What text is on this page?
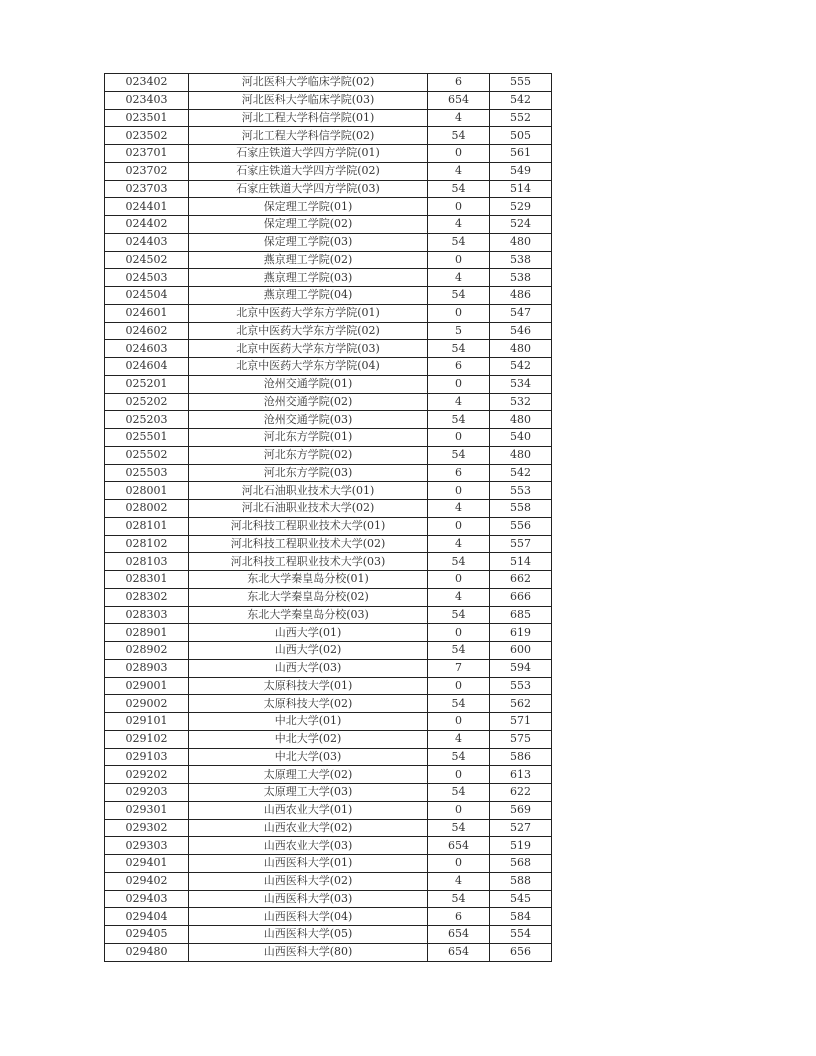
023402	河北医科大学临床学院(02)	6	555
023403	河北医科大学临床学院(03)	654	542
023501	河北工程大学科信学院(01)	4	552
023502	河北工程大学科信学院(02)	54	505
023701	石家庄铁道大学四方学院(01)	0	561
023702	石家庄铁道大学四方学院(02)	4	549
023703	石家庄铁道大学四方学院(03)	54	514
024401	保定理工学院(01)	0	529
024402	保定理工学院(02)	4	524
024403	保定理工学院(03)	54	480
024502	燕京理工学院(02)	0	538
024503	燕京理工学院(03)	4	538
024504	燕京理工学院(04)	54	486
024601	北京中医药大学东方学院(01)	0	547
024602	北京中医药大学东方学院(02)	5	546
024603	北京中医药大学东方学院(03)	54	480
024604	北京中医药大学东方学院(04)	6	542
025201	沧州交通学院(01)	0	534
025202	沧州交通学院(02)	4	532
025203	沧州交通学院(03)	54	480
025501	河北东方学院(01)	0	540
025502	河北东方学院(02)	54	480
025503	河北东方学院(03)	6	542
028001	河北石油职业技术大学(01)	0	553
028002	河北石油职业技术大学(02)	4	558
028101	河北科技工程职业技术大学(01)	0	556
028102	河北科技工程职业技术大学(02)	4	557
028103	河北科技工程职业技术大学(03)	54	514
028301	东北大学秦皇岛分校(01)	0	662
028302	东北大学秦皇岛分校(02)	4	666
028303	东北大学秦皇岛分校(03)	54	685
028901	山西大学(01)	0	619
028902	山西大学(02)	54	600
028903	山西大学(03)	7	594
029001	太原科技大学(01)	0	553
029002	太原科技大学(02)	54	562
029101	中北大学(01)	0	571
029102	中北大学(02)	4	575
029103	中北大学(03)	54	586
029202	太原理工大学(02)	0	613
029203	太原理工大学(03)	54	622
029301	山西农业大学(01)	0	569
029302	山西农业大学(02)	54	527
029303	山西农业大学(03)	654	519
029401	山西医科大学(01)	0	568
029402	山西医科大学(02)	4	588
029403	山西医科大学(03)	54	545
029404	山西医科大学(04)	6	584
029405	山西医科大学(05)	654	554
029480	山西医科大学(80)	654	656
